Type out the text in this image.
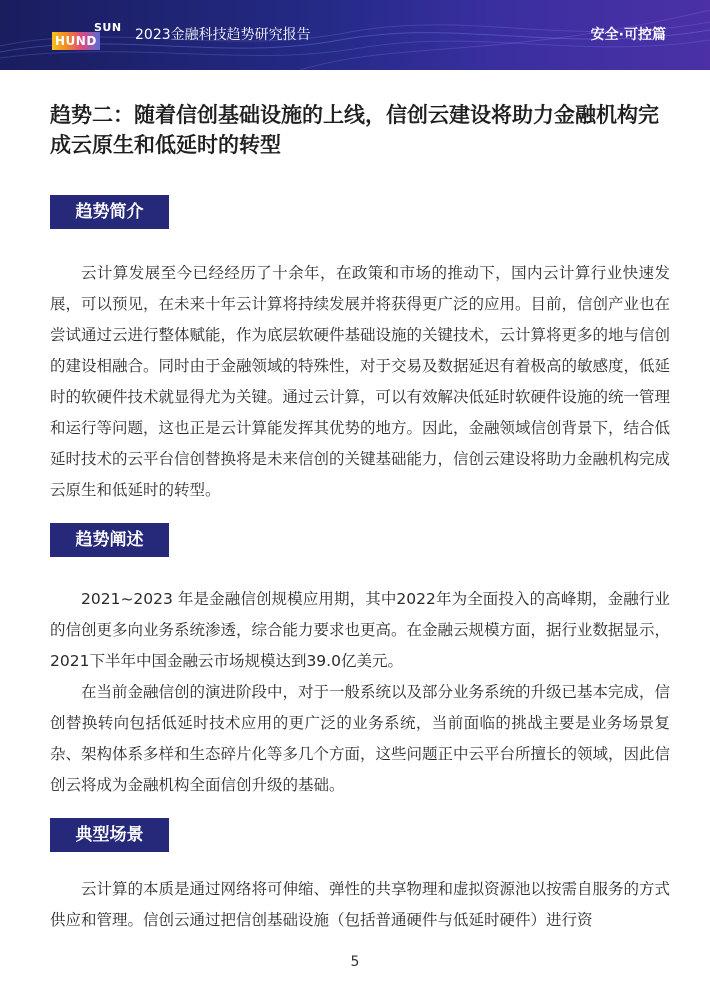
HUND
SUN 2023金融科技趋势研究报告	安全·可控篇
趋势二：随着信创基础设施的上线，信创云建设将助力金融机构完成云原生和低延时的转型
趋势简介

云计算发展至今已经经历了十余年，在政策和市场的推动下，国内云计算行业快速发展，可以预见，在未来十年云计算将持续发展并将获得更广泛的应用。目前，信创产业也在尝试通过云进行整体赋能，作为底层软硬件基础设施的关键技术，云计算将更多的地与信创的建设相融合。同时由于金融领域的特殊性，对于交易及数据延迟有着极高的敏感度，低延时的软硬件技术就显得尤为关键。通过云计算，可以有效解决低延时软硬件设施的统一管理和运行等问题，这也正是云计算能发挥其优势的地方。因此，金融领域信创背景下，结合低延时技术的云平台信创替换将是未来信创的关键基础能力，信创云建设将助力金融机构完成云原生和低延时的转型。

趋势阐述

2021~2023 年是金融信创规模应用期，其中2022年为全面投入的高峰期，金融行业的信创更多向业务系统渗透，综合能力要求也更高。在金融云规模方面，据行业数据显示，2021下半年中国金融云市场规模达到39.0亿美元。

在当前金融信创的演进阶段中，对于一般系统以及部分业务系统的升级已基本完成，信创替换转向包括低延时技术应用的更广泛的业务系统，当前面临的挑战主要是业务场景复杂、架构体系多样和生态碎片化等多几个方面，这些问题正中云平台所擅长的领域，因此信创云将成为金融机构全面信创升级的基础。

典型场景

云计算的本质是通过网络将可伸缩、弹性的共享物理和虚拟资源池以按需自服务的方式供应和管理。信创云通过把信创基础设施（包括普通硬件与低延时硬件）进行资

5
